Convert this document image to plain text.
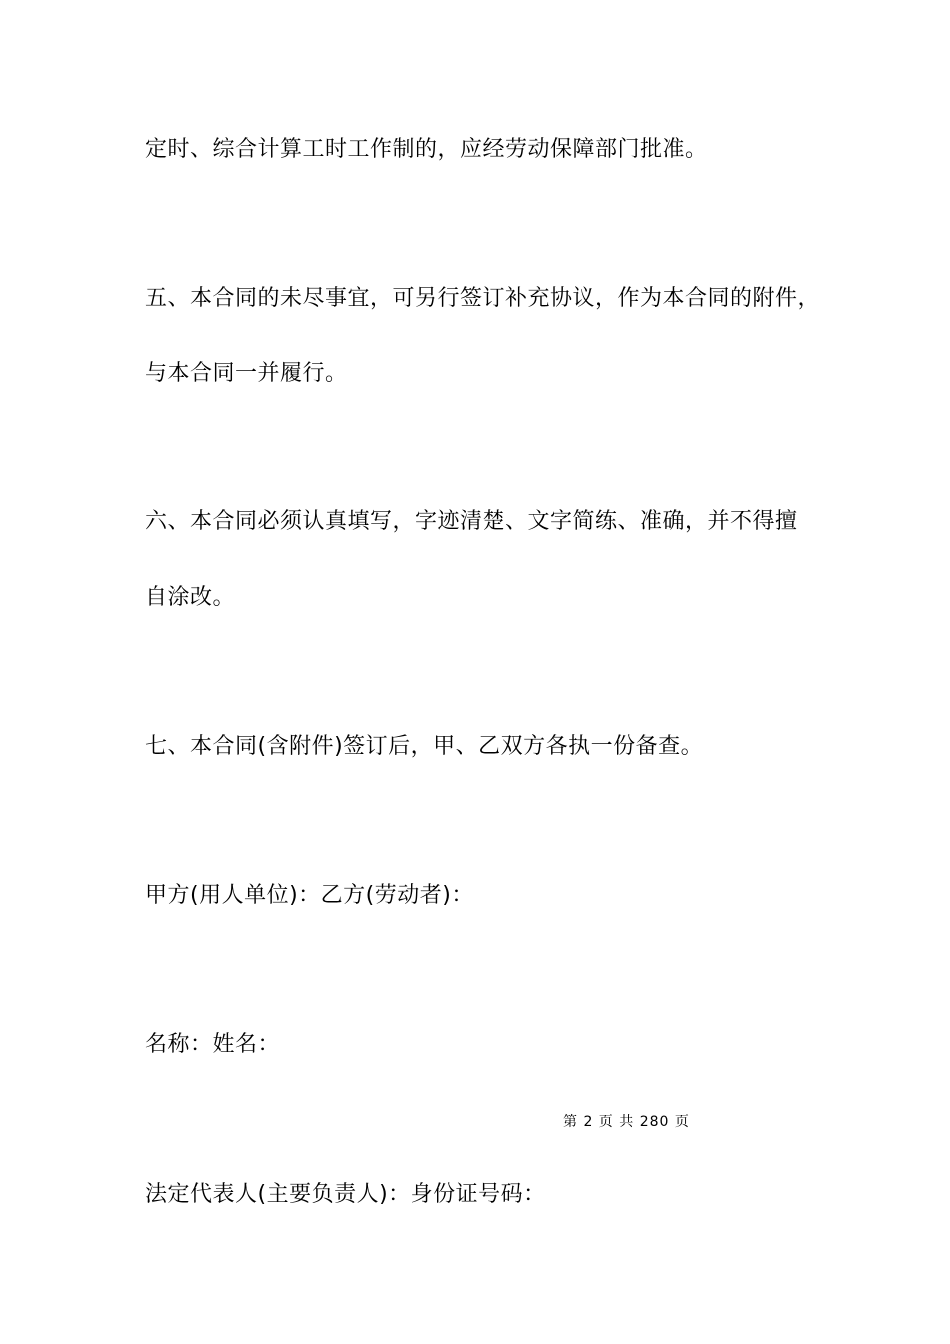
定时、综合计算工时工作制的，应经劳动保障部门批准。
五、本合同的未尽事宜，可另行签订补充协议，作为本合同的附件，
与本合同一并履行。
六、本合同必须认真填写，字迹清楚、文字简练、准确，并不得擅
自涂改。
七、本合同(含附件)签订后，甲、乙双方各执一份备查。
甲方(用人单位)：乙方(劳动者)：
名称：姓名：
第 2 页 共 280 页
法定代表人(主要负责人)：身份证号码：
